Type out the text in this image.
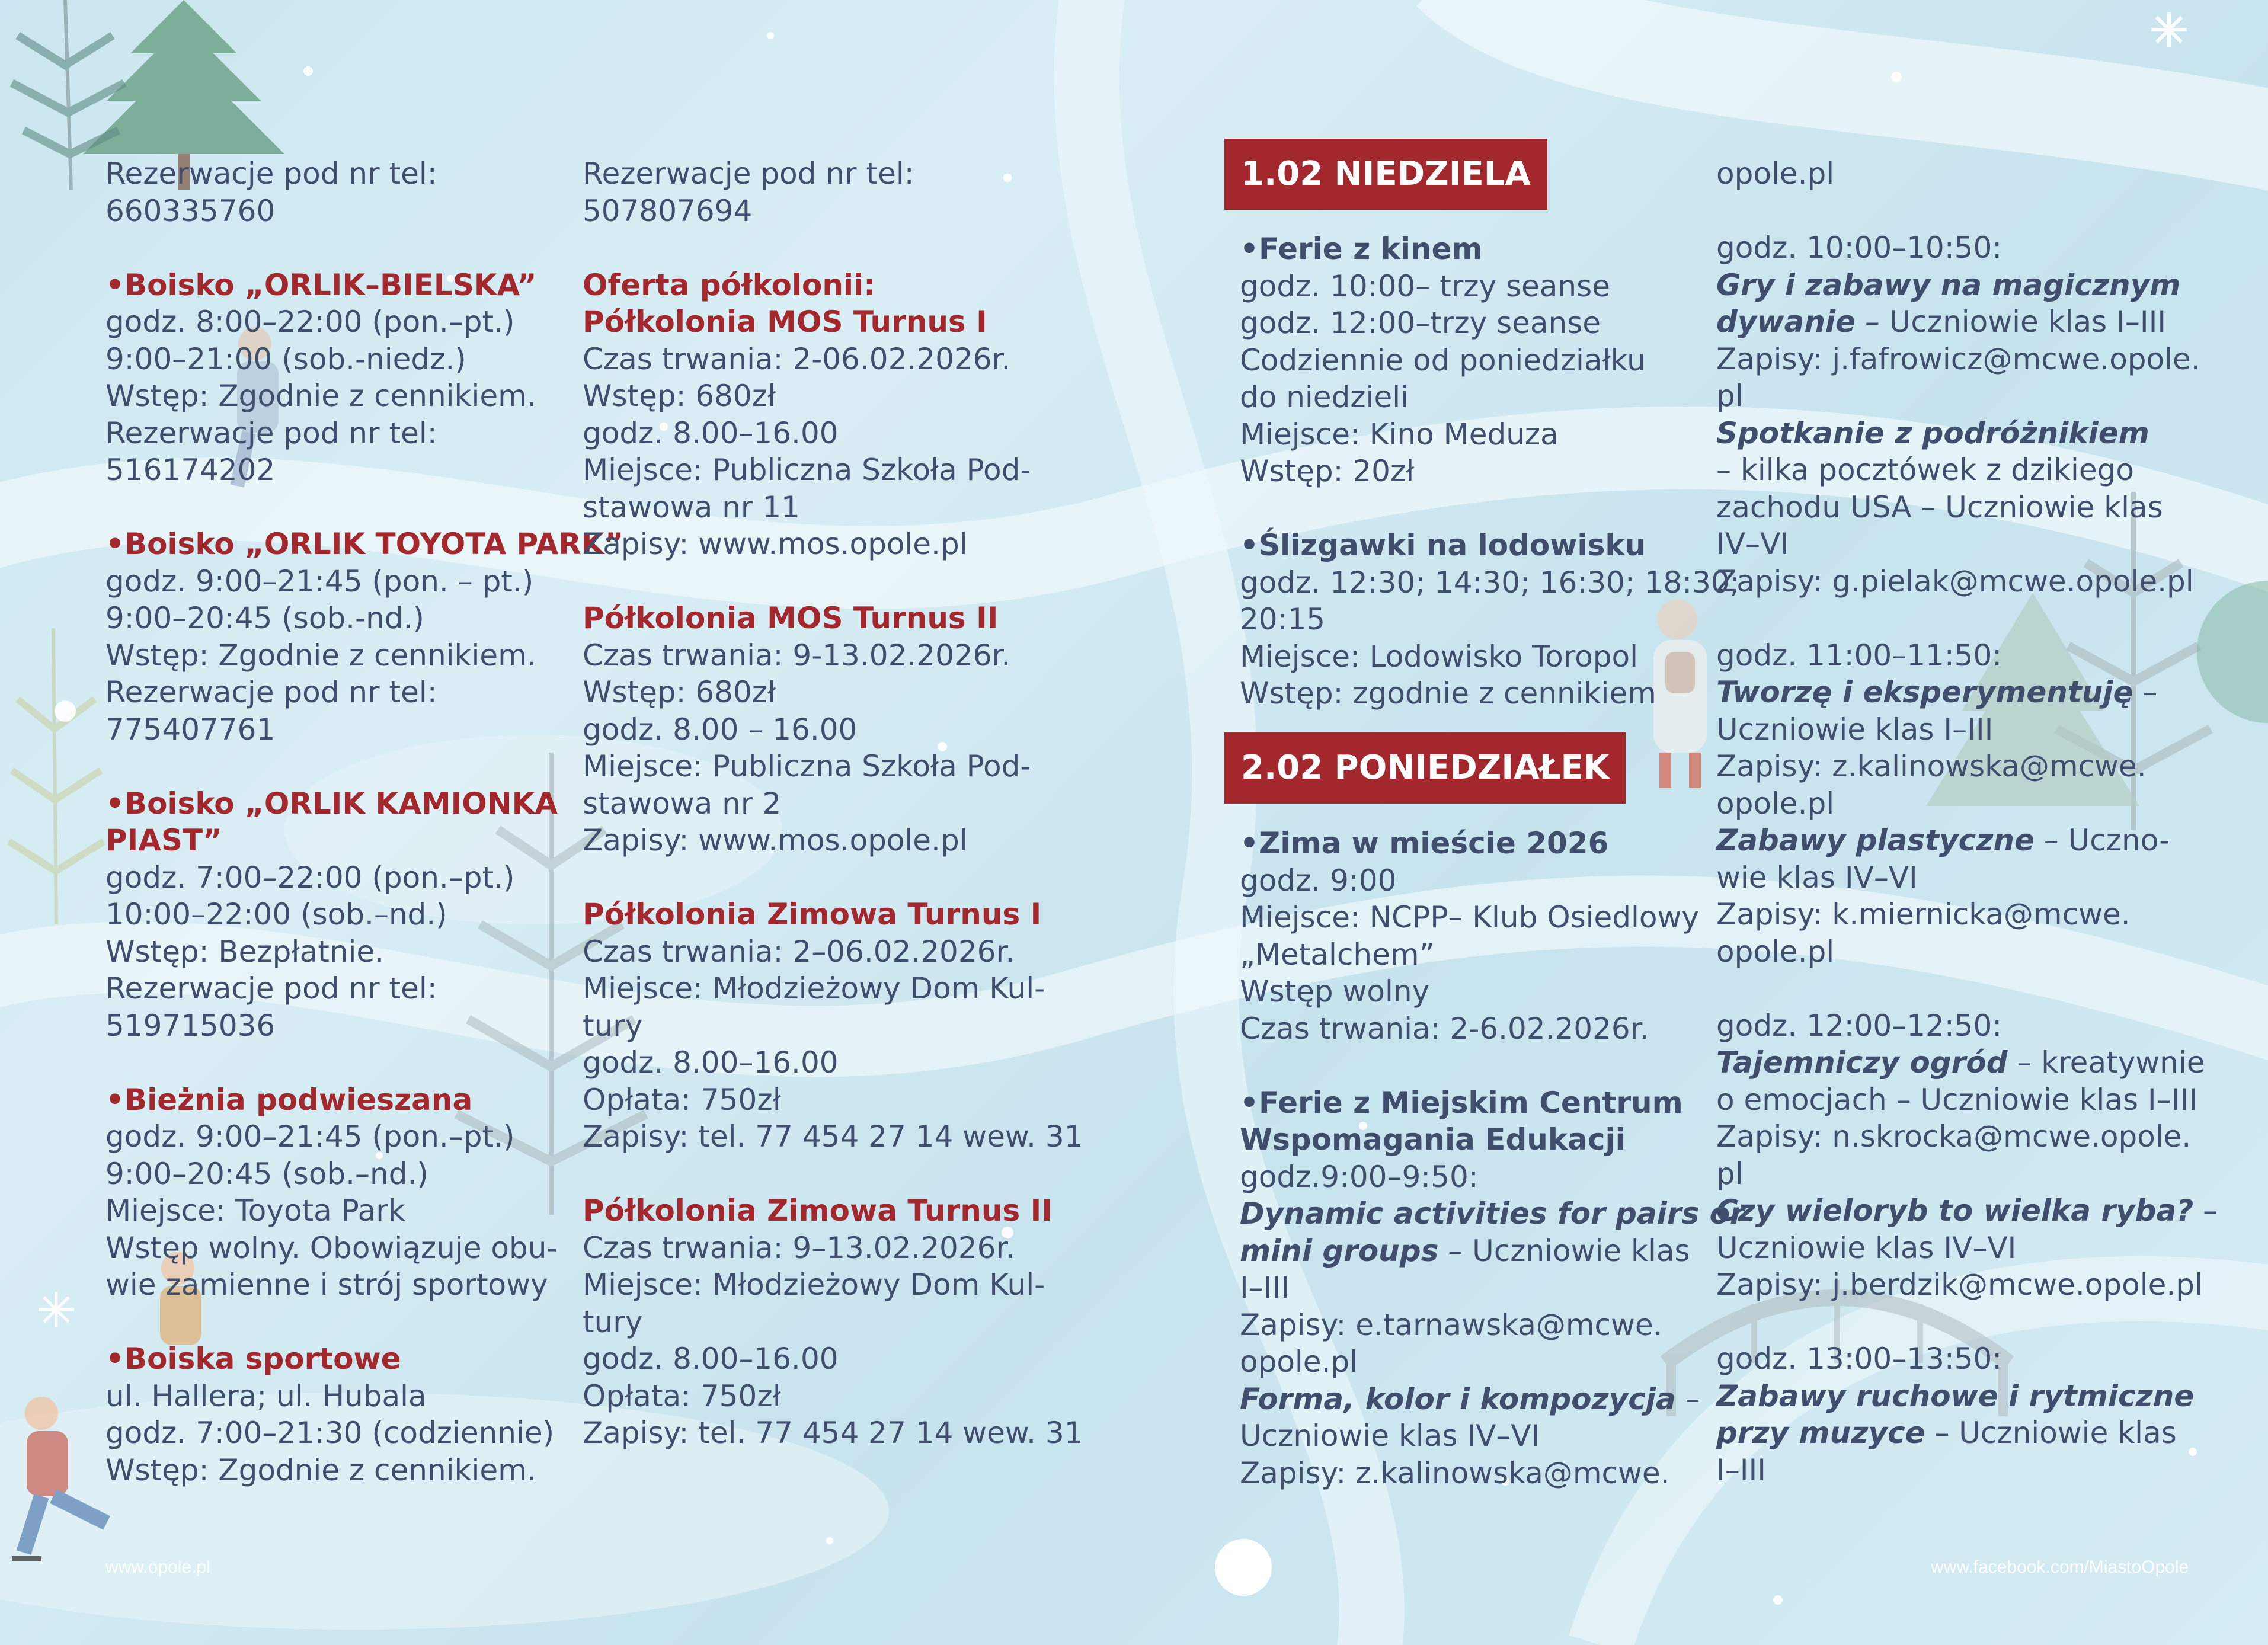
Rezerwacje pod nr tel:
660335760
•Boisko „ORLIK–BIELSKA”
godz. 8:00–22:00 (pon.–pt.)
9:00–21:00 (sob.-niedz.)
Wstęp: Zgodnie z cennikiem.
Rezerwacje pod nr tel:
516174202
•Boisko „ORLIK TOYOTA PARK”
godz. 9:00–21:45 (pon. – pt.)
9:00–20:45 (sob.-nd.)
Wstęp: Zgodnie z cennikiem.
Rezerwacje pod nr tel:
775407761
•Boisko „ORLIK KAMIONKA
PIAST”
godz. 7:00–22:00 (pon.–pt.)
10:00–22:00 (sob.–nd.)
Wstęp: Bezpłatnie.
Rezerwacje pod nr tel:
519715036
•Bieżnia podwieszana
godz. 9:00–21:45 (pon.–pt.)
9:00–20:45 (sob.–nd.)
Miejsce: Toyota Park
Wstęp wolny. Obowiązuje obu-
wie zamienne i strój sportowy
•Boiska sportowe
ul. Hallera; ul. Hubala
godz. 7:00–21:30 (codziennie)
Wstęp: Zgodnie z cennikiem.
Rezerwacje pod nr tel:
507807694
Oferta półkolonii:
Półkolonia MOS Turnus I
Czas trwania: 2-06.02.2026r.
Wstęp: 680zł
godz. 8.00–16.00
Miejsce: Publiczna Szkoła Pod-
stawowa nr 11
Zapisy: www.mos.opole.pl
Półkolonia MOS Turnus II
Czas trwania: 9-13.02.2026r.
Wstęp: 680zł
godz. 8.00 – 16.00
Miejsce: Publiczna Szkoła Pod-
stawowa nr 2
Zapisy: www.mos.opole.pl
Półkolonia Zimowa Turnus I
Czas trwania: 2–06.02.2026r.
Miejsce: Młodzieżowy Dom Kul-
tury
godz. 8.00–16.00
Opłata: 750zł
Zapisy: tel. 77 454 27 14 wew. 31
Półkolonia Zimowa Turnus II
Czas trwania: 9–13.02.2026r.
Miejsce: Młodzieżowy Dom Kul-
tury
godz. 8.00–16.00
Opłata: 750zł
Zapisy: tel. 77 454 27 14 wew. 31
1.02 NIEDZIELA
•Ferie z kinem
godz. 10:00– trzy seanse
godz. 12:00–trzy seanse
Codziennie od poniedziałku
do niedzieli
Miejsce: Kino Meduza
Wstęp: 20zł
•Ślizgawki na lodowisku
godz. 12:30; 14:30; 16:30; 18:30;
20:15
Miejsce: Lodowisko Toropol
Wstęp: zgodnie z cennikiem
2.02 PONIEDZIAŁEK
•Zima w mieście 2026
godz. 9:00
Miejsce: NCPP– Klub Osiedlowy
„Metalchem”
Wstęp wolny
Czas trwania: 2-6.02.2026r.
•Ferie z Miejskim Centrum
Wspomagania Edukacji
godz.9:00–9:50:
Dynamic activities for pairs or
mini groups – Uczniowie klas
I–III
Zapisy: e.tarnawska@mcwe.
opole.pl
Forma, kolor i kompozycja –
Uczniowie klas IV–VI
Zapisy: z.kalinowska@mcwe.
opole.pl
godz. 10:00–10:50:
Gry i zabawy na magicznym
dywanie – Uczniowie klas I–III
Zapisy: j.fafrowicz@mcwe.opole.
pl
Spotkanie z podróżnikiem
– kilka pocztówek z dzikiego
zachodu USA – Uczniowie klas
IV–VI
Zapisy: g.pielak@mcwe.opole.pl
godz. 11:00–11:50:
Tworzę i eksperymentuję –
Uczniowie klas I–III
Zapisy: z.kalinowska@mcwe.
opole.pl
Zabawy plastyczne – Uczno-
wie klas IV–VI
Zapisy: k.miernicka@mcwe.
opole.pl
godz. 12:00–12:50:
Tajemniczy ogród – kreatywnie
o emocjach – Uczniowie klas I–III
Zapisy: n.skrocka@mcwe.opole.
pl
Czy wieloryb to wielka ryba? –
Uczniowie klas IV–VI
Zapisy: j.berdzik@mcwe.opole.pl
godz. 13:00–13:50:
Zabawy ruchowe i rytmiczne
przy muzyce – Uczniowie klas
I–III
www.opole.pl	www.facebook.com/MiastoOpole
